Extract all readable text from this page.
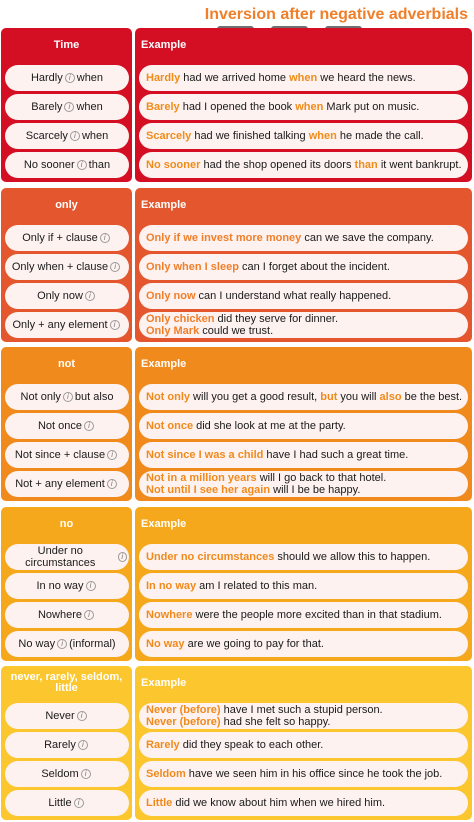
Inversion after negative adverbials
Time
Hardly i when
Barely i when
Scarcely i when
No sooner i than
Example
Hardly had we arrived home when we heard the news.
Barely had I opened the book when Mark put on music.
Scarcely had we finished talking when he made the call.
No sooner had the shop opened its doors than it went bankrupt.
only
Only if + clause i
Only when + clause i
Only now i
Only + any element i
Example
Only if we invest more money can we save the company.
Only when I sleep can I forget about the incident.
Only now can I understand what really happened.
Only chicken did they serve for dinner.
Only Mark could we trust.
not
Not only i but also
Not once i
Not since + clause i
Not + any element i
Example
Not only will you get a good result, but you will also be the best.
Not once did she look at me at the party.
Not since I was a child have I had such a great time.
Not in a million years will I go back to that hotel.
Not until I see her again will I be be happy.
no
Under no circumstances
i
In no way i
Nowhere i
No way i (informal)
Example
Under no circumstances should we allow this to happen.
In no way am I related to this man.
Nowhere were the people more excited than in that stadium.
No way are we going to pay for that.
never, rarely, seldom, little
Never i
Rarely i
Seldom i
Little i
Example
Never (before) have I met such a stupid person.
Never (before) had she felt so happy.
Rarely did they speak to each other.
Seldom have we seen him in his office since he took the job.
Little did we know about him when we hired him.
